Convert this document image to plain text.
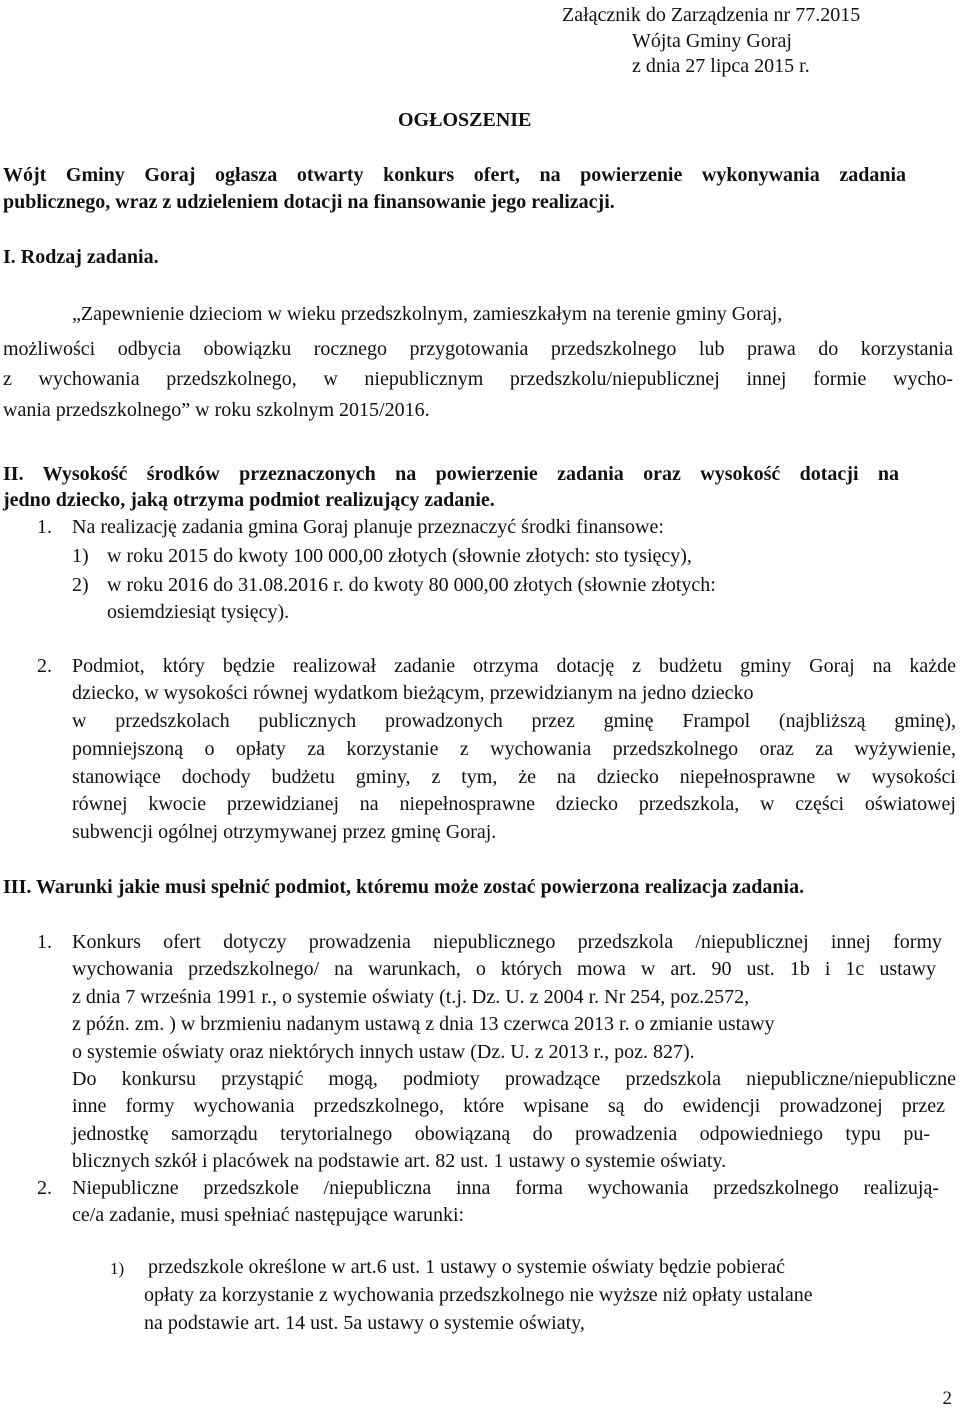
Załącznik do Zarządzenia nr 77.2015
Wójta Gminy Goraj
z dnia 27 lipca 2015 r.
OGŁOSZENIE
Wójt Gminy Goraj ogłasza otwarty konkurs ofert, na powierzenie wykonywania zadania
publicznego, wraz z udzieleniem dotacji na finansowanie jego realizacji.
I. Rodzaj zadania.
„Zapewnienie dzieciom w wieku przedszkolnym, zamieszkałym na terenie gminy Goraj,
możliwości odbycia obowiązku rocznego przygotowania przedszkolnego lub prawa do korzystania
z wychowania przedszkolnego, w niepublicznym przedszkolu/niepublicznej innej formie wycho-
wania przedszkolnego” w roku szkolnym 2015/2016.
II. Wysokość środków przeznaczonych na powierzenie zadania oraz wysokość dotacji na
jedno dziecko, jaką otrzyma podmiot realizujący zadanie.
1. Na realizację zadania gmina Goraj planuje przeznaczyć środki finansowe:
1) w roku 2015 do kwoty 100 000,00 złotych (słownie złotych: sto tysięcy),
2) w roku 2016 do 31.08.2016 r. do kwoty 80 000,00 złotych (słownie złotych:
osiemdziesiąt tysięcy).
2. Podmiot, który będzie realizował zadanie otrzyma dotację z budżetu gminy Goraj na każde
dziecko, w wysokości równej wydatkom bieżącym, przewidzianym na jedno dziecko
w przedszkolach publicznych prowadzonych przez gminę Frampol (najbliższą gminę),
pomniejszoną o opłaty za korzystanie z wychowania przedszkolnego oraz za wyżywienie,
stanowiące dochody budżetu gminy, z tym, że na dziecko niepełnosprawne w wysokości
równej kwocie przewidzianej na niepełnosprawne dziecko przedszkola, w części oświatowej
subwencji ogólnej otrzymywanej przez gminę Goraj.
III. Warunki jakie musi spełnić podmiot, któremu może zostać powierzona realizacja zadania.
1. Konkurs ofert dotyczy prowadzenia niepublicznego przedszkola /niepublicznej innej formy
wychowania przedszkolnego/ na warunkach, o których mowa w art. 90 ust. 1b i 1c ustawy
z dnia 7 września 1991 r., o systemie oświaty (t.j. Dz. U. z 2004 r. Nr 254, poz.2572,
z późn. zm. ) w brzmieniu nadanym ustawą z dnia 13 czerwca 2013 r. o zmianie ustawy
o systemie oświaty oraz niektórych innych ustaw (Dz. U. z 2013 r., poz. 827).
Do konkursu przystąpić mogą, podmioty prowadzące przedszkola niepubliczne/niepubliczne
inne formy wychowania przedszkolnego, które wpisane są do ewidencji prowadzonej przez
jednostkę samorządu terytorialnego obowiązaną do prowadzenia odpowiedniego typu pu-
blicznych szkół i placówek na podstawie art. 82 ust. 1 ustawy o systemie oświaty.
2. Niepubliczne przedszkole /niepubliczna inna forma wychowania przedszkolnego realizują-
ce/a zadanie, musi spełniać następujące warunki:
1) przedszkole określone w art.6 ust. 1 ustawy o systemie oświaty będzie pobierać
opłaty za korzystanie z wychowania przedszkolnego nie wyższe niż opłaty ustalane
na podstawie art. 14 ust. 5a ustawy o systemie oświaty,
2
